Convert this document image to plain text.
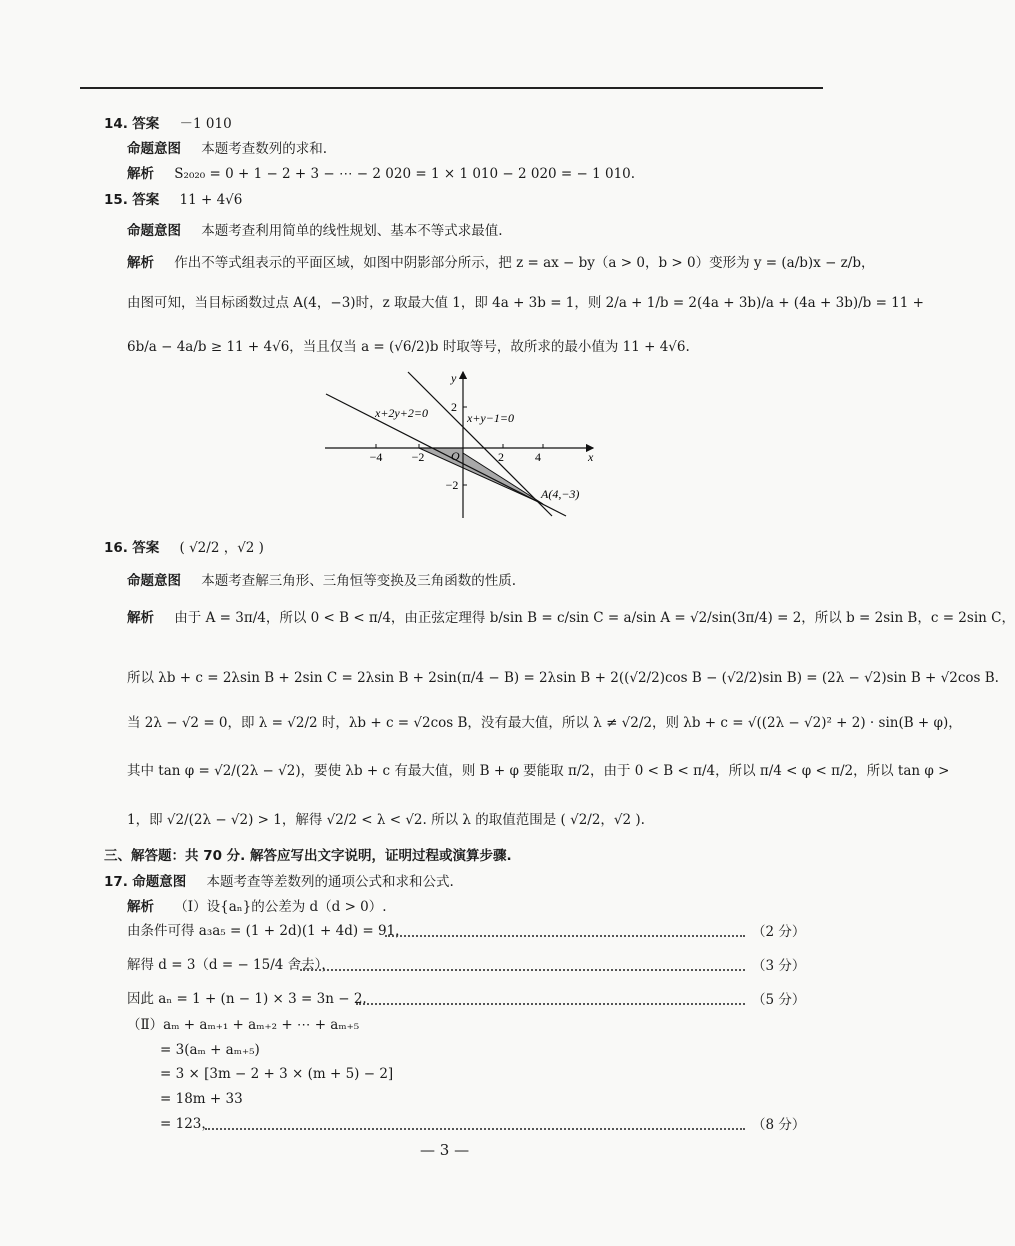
14. 答案 －1 010
命题意图 本题考查数列的求和.
解析 S₂₀₂₀ = 0 + 1 − 2 + 3 − ⋯ − 2 020 = 1 × 1 010 − 2 020 = − 1 010.
15. 答案 11 + 4√6
命题意图 本题考查利用简单的线性规划、基本不等式求最值.
解析 作出不等式组表示的平面区域，如图中阴影部分所示，把 z = ax − by（a > 0，b > 0）变形为 y = (a/b)x − z/b，
由图可知，当目标函数过点 A(4，−3)时，z 取最大值 1，即 4a + 3b = 1，则 2/a + 1/b = 2(4a + 3b)/a + (4a + 3b)/b = 11 +
6b/a − 4a/b ≥ 11 + 4√6，当且仅当 a = (√6/2)b 时取等号，故所求的最小值为 11 + 4√6.
x+2y+2=0	x+y−1=0
A(4,−3)
x
y
O
−4 −2	2	4
2
−2
16. 答案 ( √2/2 ，√2 )
命题意图 本题考查解三角形、三角恒等变换及三角函数的性质.
解析 由于 A = 3π/4，所以 0 < B < π/4，由正弦定理得 b/sin B = c/sin C = a/sin A = √2/sin(3π/4) = 2，所以 b = 2sin B，c = 2sin C，
所以 λb + c = 2λsin B + 2sin C = 2λsin B + 2sin(π/4 − B) = 2λsin B + 2((√2/2)cos B − (√2/2)sin B) = (2λ − √2)sin B + √2cos B.
当 2λ − √2 = 0，即 λ = √2/2 时，λb + c = √2cos B，没有最大值，所以 λ ≠ √2/2，则 λb + c = √((2λ − √2)² + 2) · sin(B + φ)，
其中 tan φ = √2/(2λ − √2)，要使 λb + c 有最大值，则 B + φ 要能取 π/2，由于 0 < B < π/4，所以 π/4 < φ < π/2，所以 tan φ >
1，即 √2/(2λ − √2) > 1，解得 √2/2 < λ < √2. 所以 λ 的取值范围是 ( √2/2，√2 ).
三、解答题：共 70 分. 解答应写出文字说明，证明过程或演算步骤.
17. 命题意图 本题考查等差数列的通项公式和求和公式.
解析 （Ⅰ）设{aₙ}的公差为 d（d > 0）.
由条件可得 a₃a₅ = (1 + 2d)(1 + 4d) = 91，	（2 分）
解得 d = 3（d = − 15/4 舍去），	（3 分）
因此 aₙ = 1 + (n − 1) × 3 = 3n − 2.	（5 分）
（Ⅱ）aₘ + aₘ₊₁ + aₘ₊₂ + ⋯ + aₘ₊₅
= 3(aₘ + aₘ₊₅)
= 3 × [3m − 2 + 3 × (m + 5) − 2]
= 18m + 33
= 123，	（8 分）
— 3 —
